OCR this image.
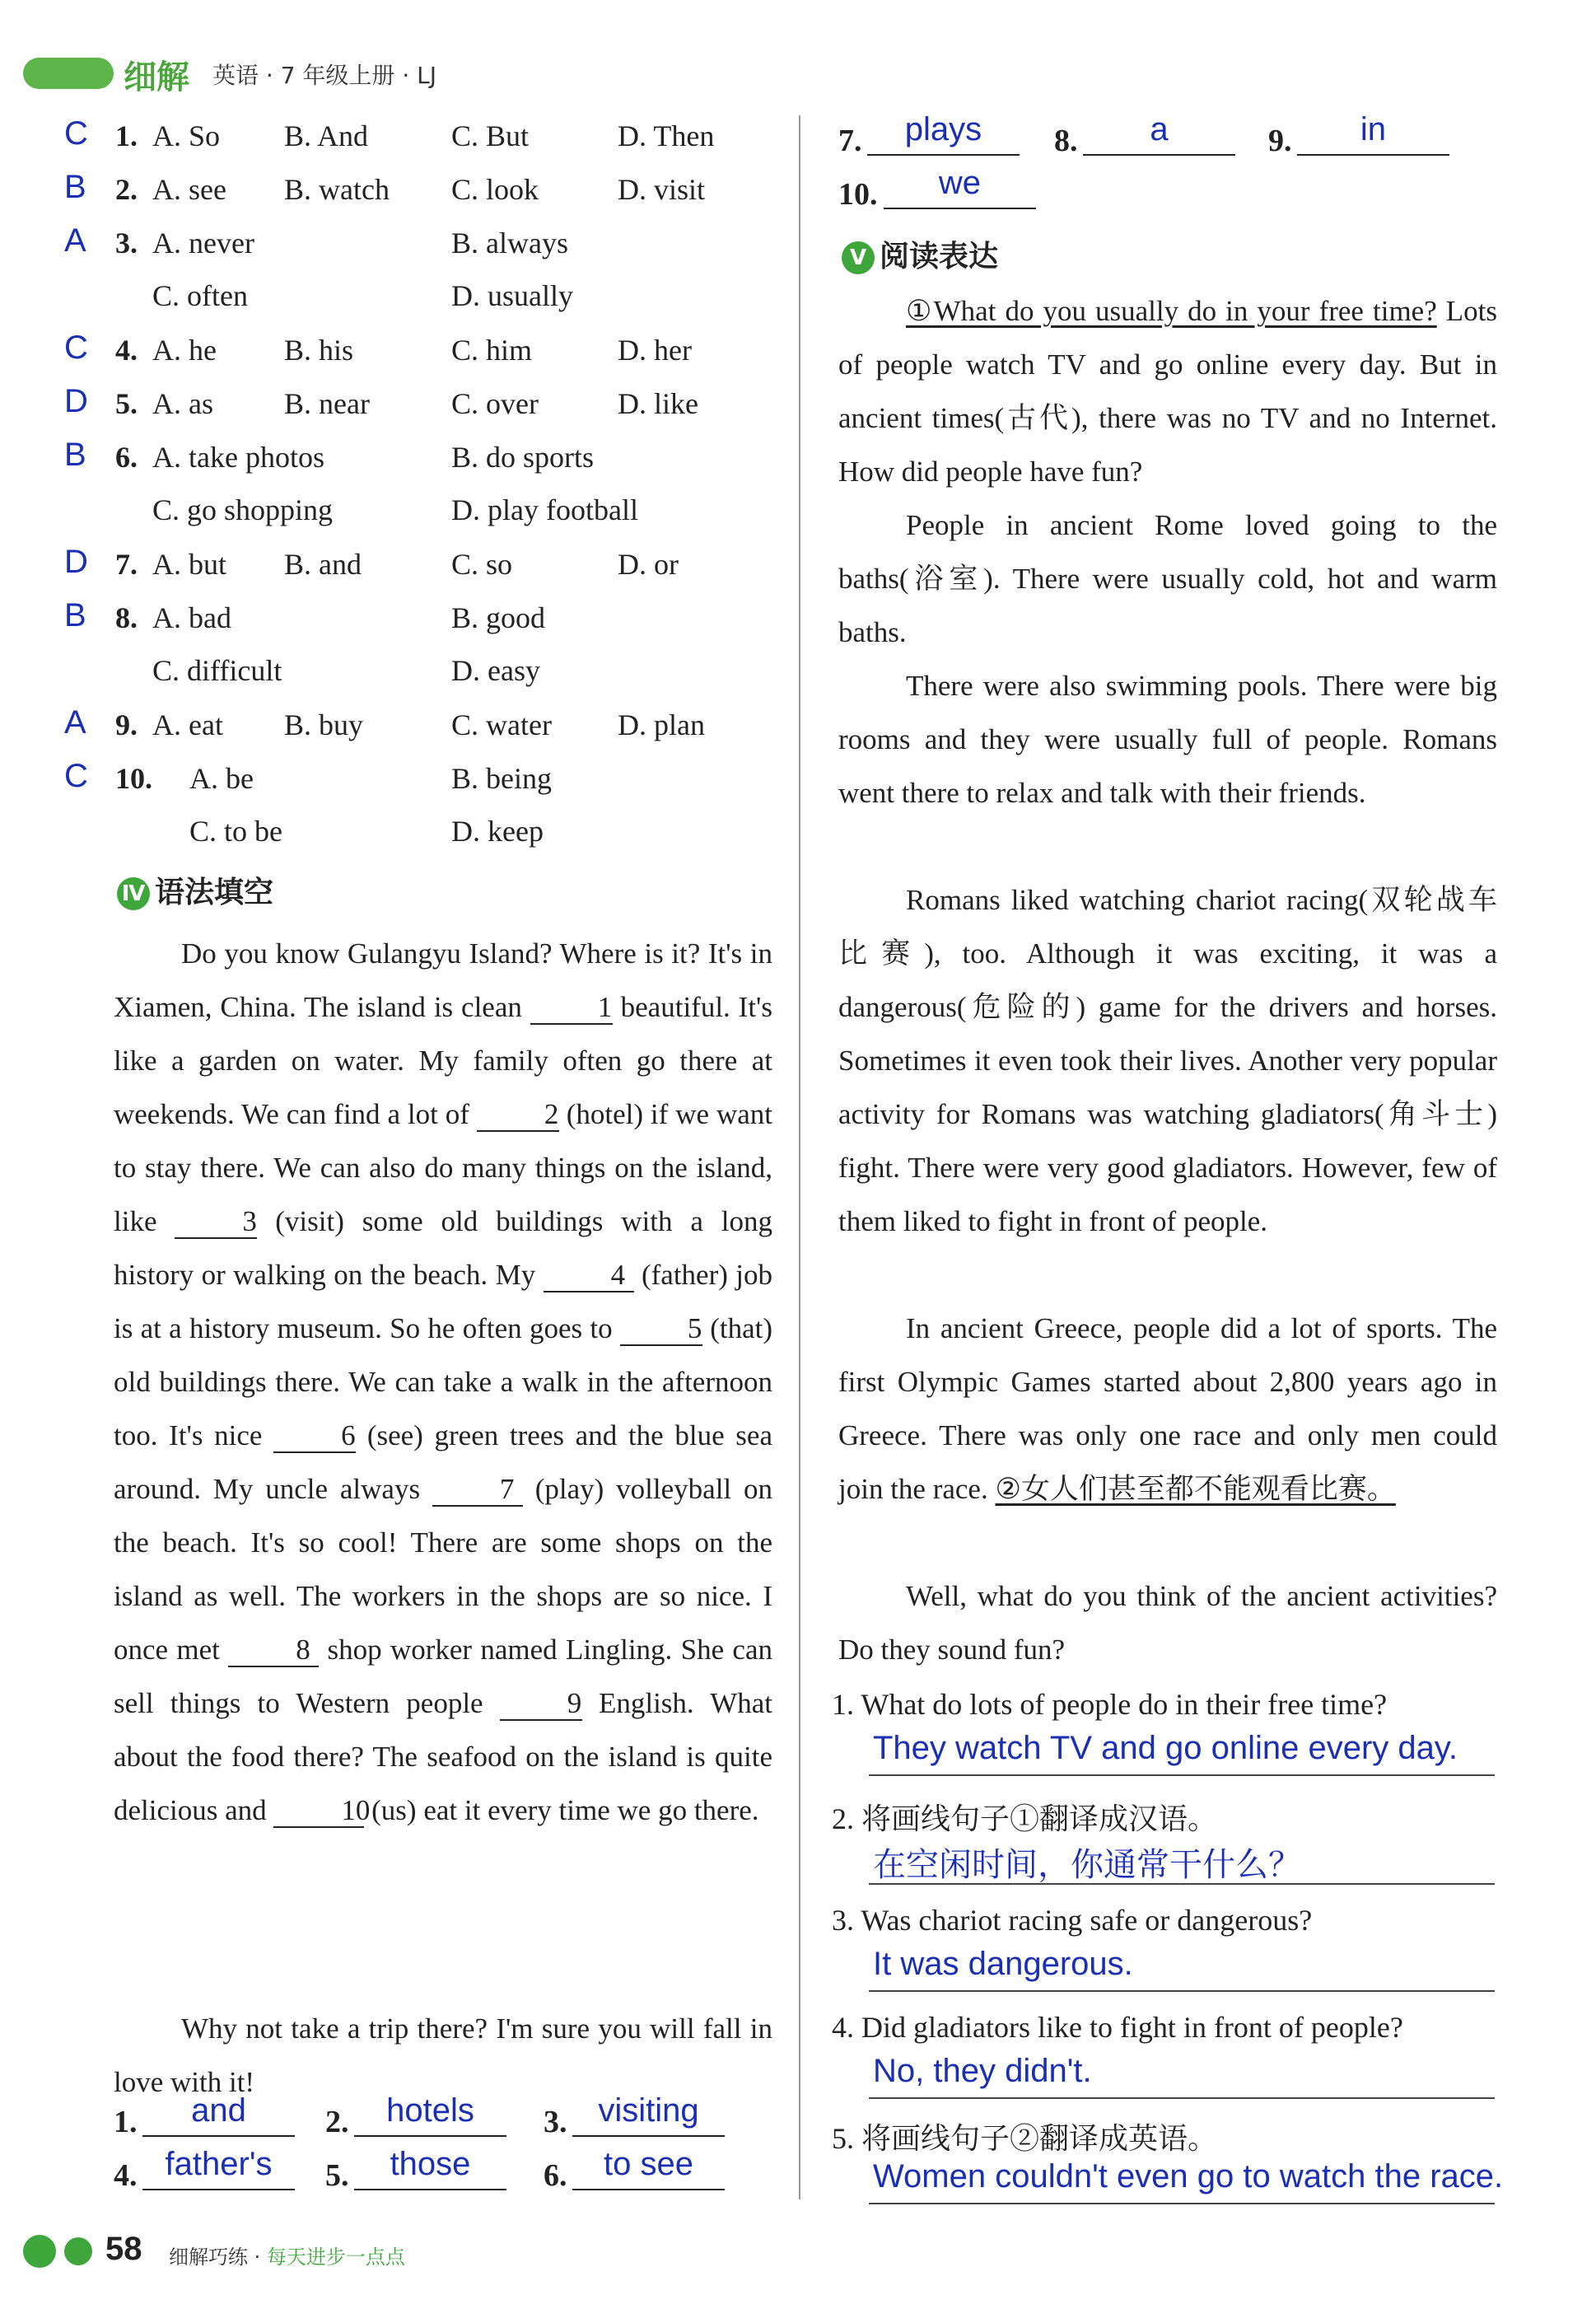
细解 英语 · 7 年级上册 · LJ
C 1. A. So B. And	C. But	D. Then
B 2. A. see B. watch C. look	D. visit
A 3. A. never	B. always
C. often	D. usually
C 4. A. he B. his	C. him	D. her
D 5. A. as B. near	C. over	D. like
B 6. A. take photos	B. do sports
C. go shopping	D. play football
D 7. A. but B. and	C. so	D. or
B 8. A. bad	B. good
C. difficult	D. easy
A 9. A. eat B. buy	C. water D. plan
C 10. A. be	B. being
C. to be	D. keep
Ⅳ 语法填空
Do you know Gulangyu Island? Where is it? It's in Xiamen, China. The island is clean 1 beautiful. It's like a garden on water. My family often go there at weekends. We can find a lot of 2 (hotel) if we want to stay there. We can also do many things on the island, like 3 (visit) some old buildings with a long history or walking on the beach. My 4 (father) job is at a history museum. So he often goes to 5 (that) old buildings there. We can take a walk in the afternoon too. It's nice 6 (see) green trees and the blue sea around. My uncle always 7 (play) volleyball on the beach. It's so cool! There are some shops on the island as well. The workers in the shops are so nice. I once met 8 shop worker named Lingling. She can sell things to Western people 9 English. What about the food there? The seafood on the island is quite delicious and 10 (us) eat it every time we go there.
Why not take a trip there? I'm sure you will fall in love with it!
1.	and	2.	hotels	3. visiting
4. father's	5.	those	6.	to see
7.	plays	8.	a	9.	in
10.	we
Ⅴ 阅读表达
①What do you usually do in your free time? Lots of people watch TV and go online every day. But in ancient times(古代), there was no TV and no Internet. How did people have fun?
People in ancient Rome loved going to the baths(浴室). There were usually cold, hot and warm baths.
There were also swimming pools. There were big rooms and they were usually full of people. Romans went there to relax and talk with their friends.
Romans liked watching chariot racing(双轮战车比赛), too. Although it was exciting, it was a dangerous(危险的) game for the drivers and horses. Sometimes it even took their lives. Another very popular activity for Romans was watching gladiators(角斗士) fight. There were very good gladiators. However, few of them liked to fight in front of people.
In ancient Greece, people did a lot of sports. The first Olympic Games started about 2,800 years ago in Greece. There was only one race and only men could join the race. ②女人们甚至都不能观看比赛。
Well, what do you think of the ancient activities? Do they sound fun?
1. What do lots of people do in their free time?
They watch TV and go online every day.
2. 将画线句子①翻译成汉语。
在空闲时间，你通常干什么？
3. Was chariot racing safe or dangerous?
It was dangerous.
4. Did gladiators like to fight in front of people?
No, they didn't.
5. 将画线句子②翻译成英语。
Women couldn't even go to watch the race.
58 细解巧练 · 每天进步一点点
